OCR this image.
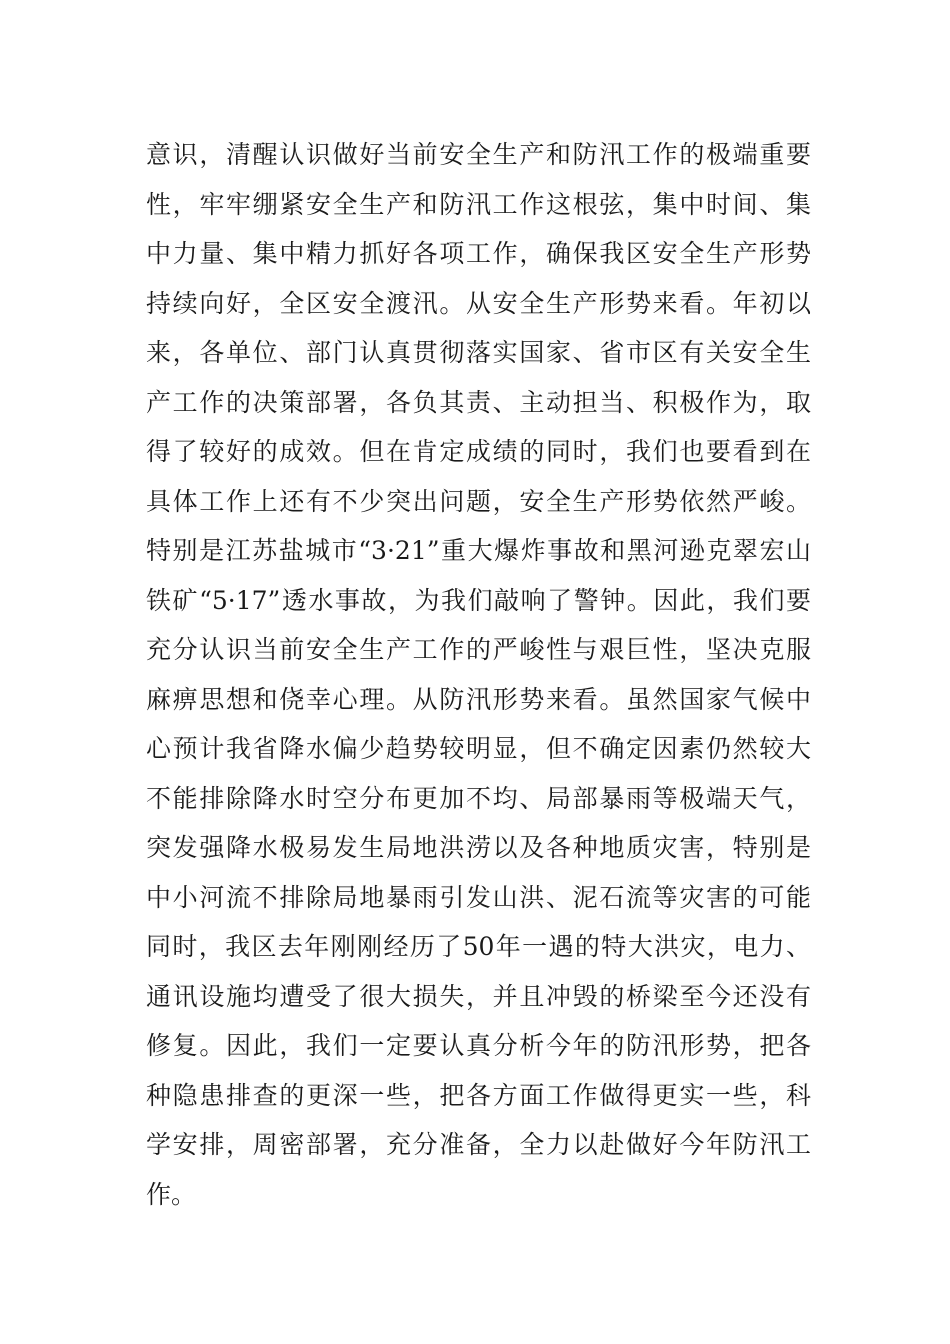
意识，清醒认识做好当前安全生产和防汛工作的极端重要
性，牢牢绷紧安全生产和防汛工作这根弦，集中时间、集
中力量、集中精力抓好各项工作，确保我区安全生产形势
持续向好，全区安全渡汛。从安全生产形势来看。年初以
来，各单位、部门认真贯彻落实国家、省市区有关安全生
产工作的决策部署，各负其责、主动担当、积极作为，取
得了较好的成效。但在肯定成绩的同时，我们也要看到在
具体工作上还有不少突出问题，安全生产形势依然严峻。
特别是江苏盐城市“3·21”重大爆炸事故和黑河逊克翠宏山
铁矿“5·17”透水事故，为我们敲响了警钟。因此，我们要
充分认识当前安全生产工作的严峻性与艰巨性，坚决克服
麻痹思想和侥幸心理。从防汛形势来看。虽然国家气候中
心预计我省降水偏少趋势较明显，但不确定因素仍然较大
不能排除降水时空分布更加不均、局部暴雨等极端天气，
突发强降水极易发生局地洪涝以及各种地质灾害，特别是
中小河流不排除局地暴雨引发山洪、泥石流等灾害的可能
同时，我区去年刚刚经历了50年一遇的特大洪灾，电力、
通讯设施均遭受了很大损失，并且冲毁的桥梁至今还没有
修复。因此，我们一定要认真分析今年的防汛形势，把各
种隐患排查的更深一些，把各方面工作做得更实一些，科
学安排，周密部署，充分准备，全力以赴做好今年防汛工
作。
